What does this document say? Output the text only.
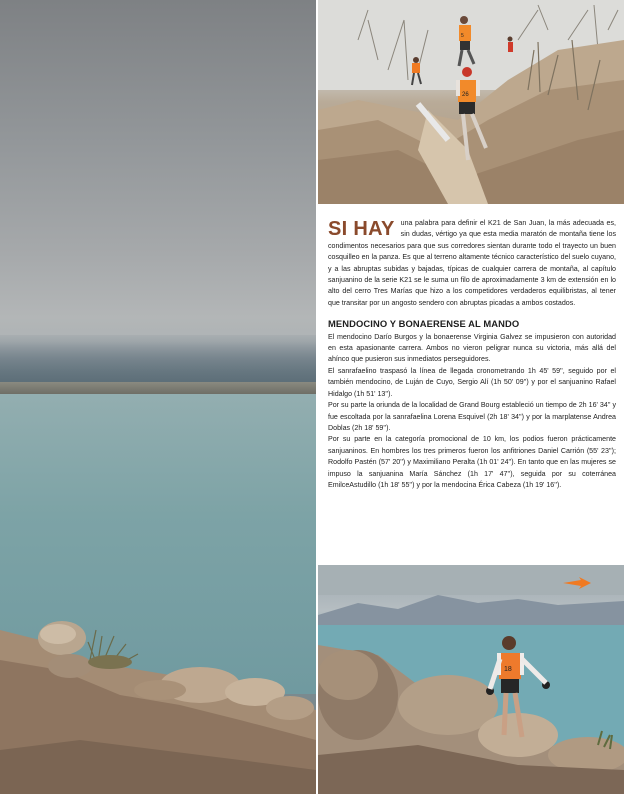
5
26

SI HAY una palabra para definir el K21 de San Juan, la más adecuada es, sin dudas, vértigo ya que esta media maratón de montaña tiene los condimentos necesarios para que sus corredores sientan durante todo el trayecto un buen cosquilleo en la panza. Es que al terreno altamente técnico característico del suelo cuyano, y a las abruptas subidas y bajadas, típicas de cualquier carrera de montaña, al capítulo sanjuanino de la serie K21 se le suma un filo de aproximadamente 3 km de extensión en lo alto del cerro Tres Marías que hizo a los competidores verdaderos equilibristas, al tener que transitar por un angosto sendero con abruptas picadas a ambos costados.

MENDOCINO Y BONAERENSE AL MANDO

El mendocino Darío Burgos y la bonaerense Virginia Galvez se impusieron con autoridad en esta apasionante carrera. Ambos no vieron peligrar nunca su victoria, más allá del ahínco que pusieron sus inmediatos perseguidores.

El sanrafaelino traspasó la línea de llegada cronometrando 1h 45' 59'', seguido por el también mendocino, de Luján de Cuyo, Sergio Alí (1h 50' 09'') y por el sanjuanino Rafael Hidalgo (1h 51' 13'').

Por su parte la oriunda de la localidad de Grand Bourg estableció un tiempo de 2h 16' 34'' y fue escoltada por la sanrafaelina Lorena Esquivel (2h 18' 34'') y por la marplatense Andrea Doblas (2h 18' 59'').

Por su parte en la categoría promocional de 10 km, los podios fueron prácticamente sanjuaninos. En hombres los tres primeros fueron los anfitriones Daniel Carrión (55' 23''); Rodolfo Pastén (57' 20'') y Maximiliano Peralta (1h 01' 24''). En tanto que en las mujeres se impuso la sanjuanina María Sánchez (1h 17' 47''), seguida por su coterránea EmilceAstudillo (1h 18' 55'') y por la mendocina Érica Cabeza (1h 19' 16'').

18
